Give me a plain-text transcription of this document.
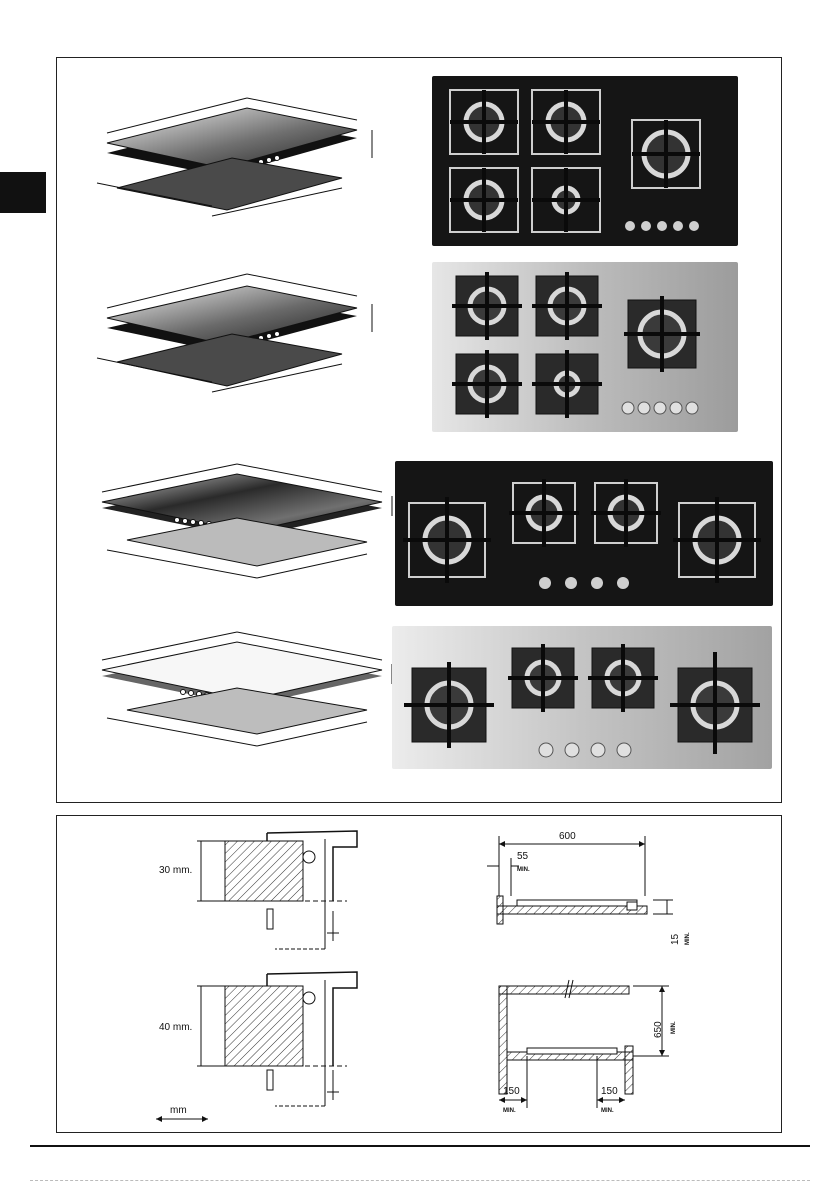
30 mm.
40 mm.
mm
600
55
MIN.
15 MIN.
650 MIN.
150
MIN.
150
MIN.
